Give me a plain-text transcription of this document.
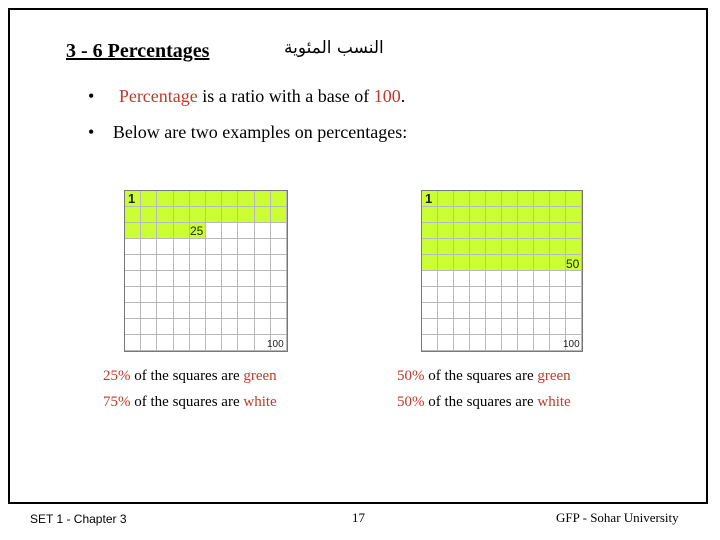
3 - 6 Percentages	النسب المئوية
• Percentage is a ratio with a base of 100.
• Below are two examples on percentages:
1
25
100
25% of the squares are green
75% of the squares are white
1
50
100
50% of the squares are green
50% of the squares are white
SET 1 - Chapter 3	17	GFP - Sohar University
